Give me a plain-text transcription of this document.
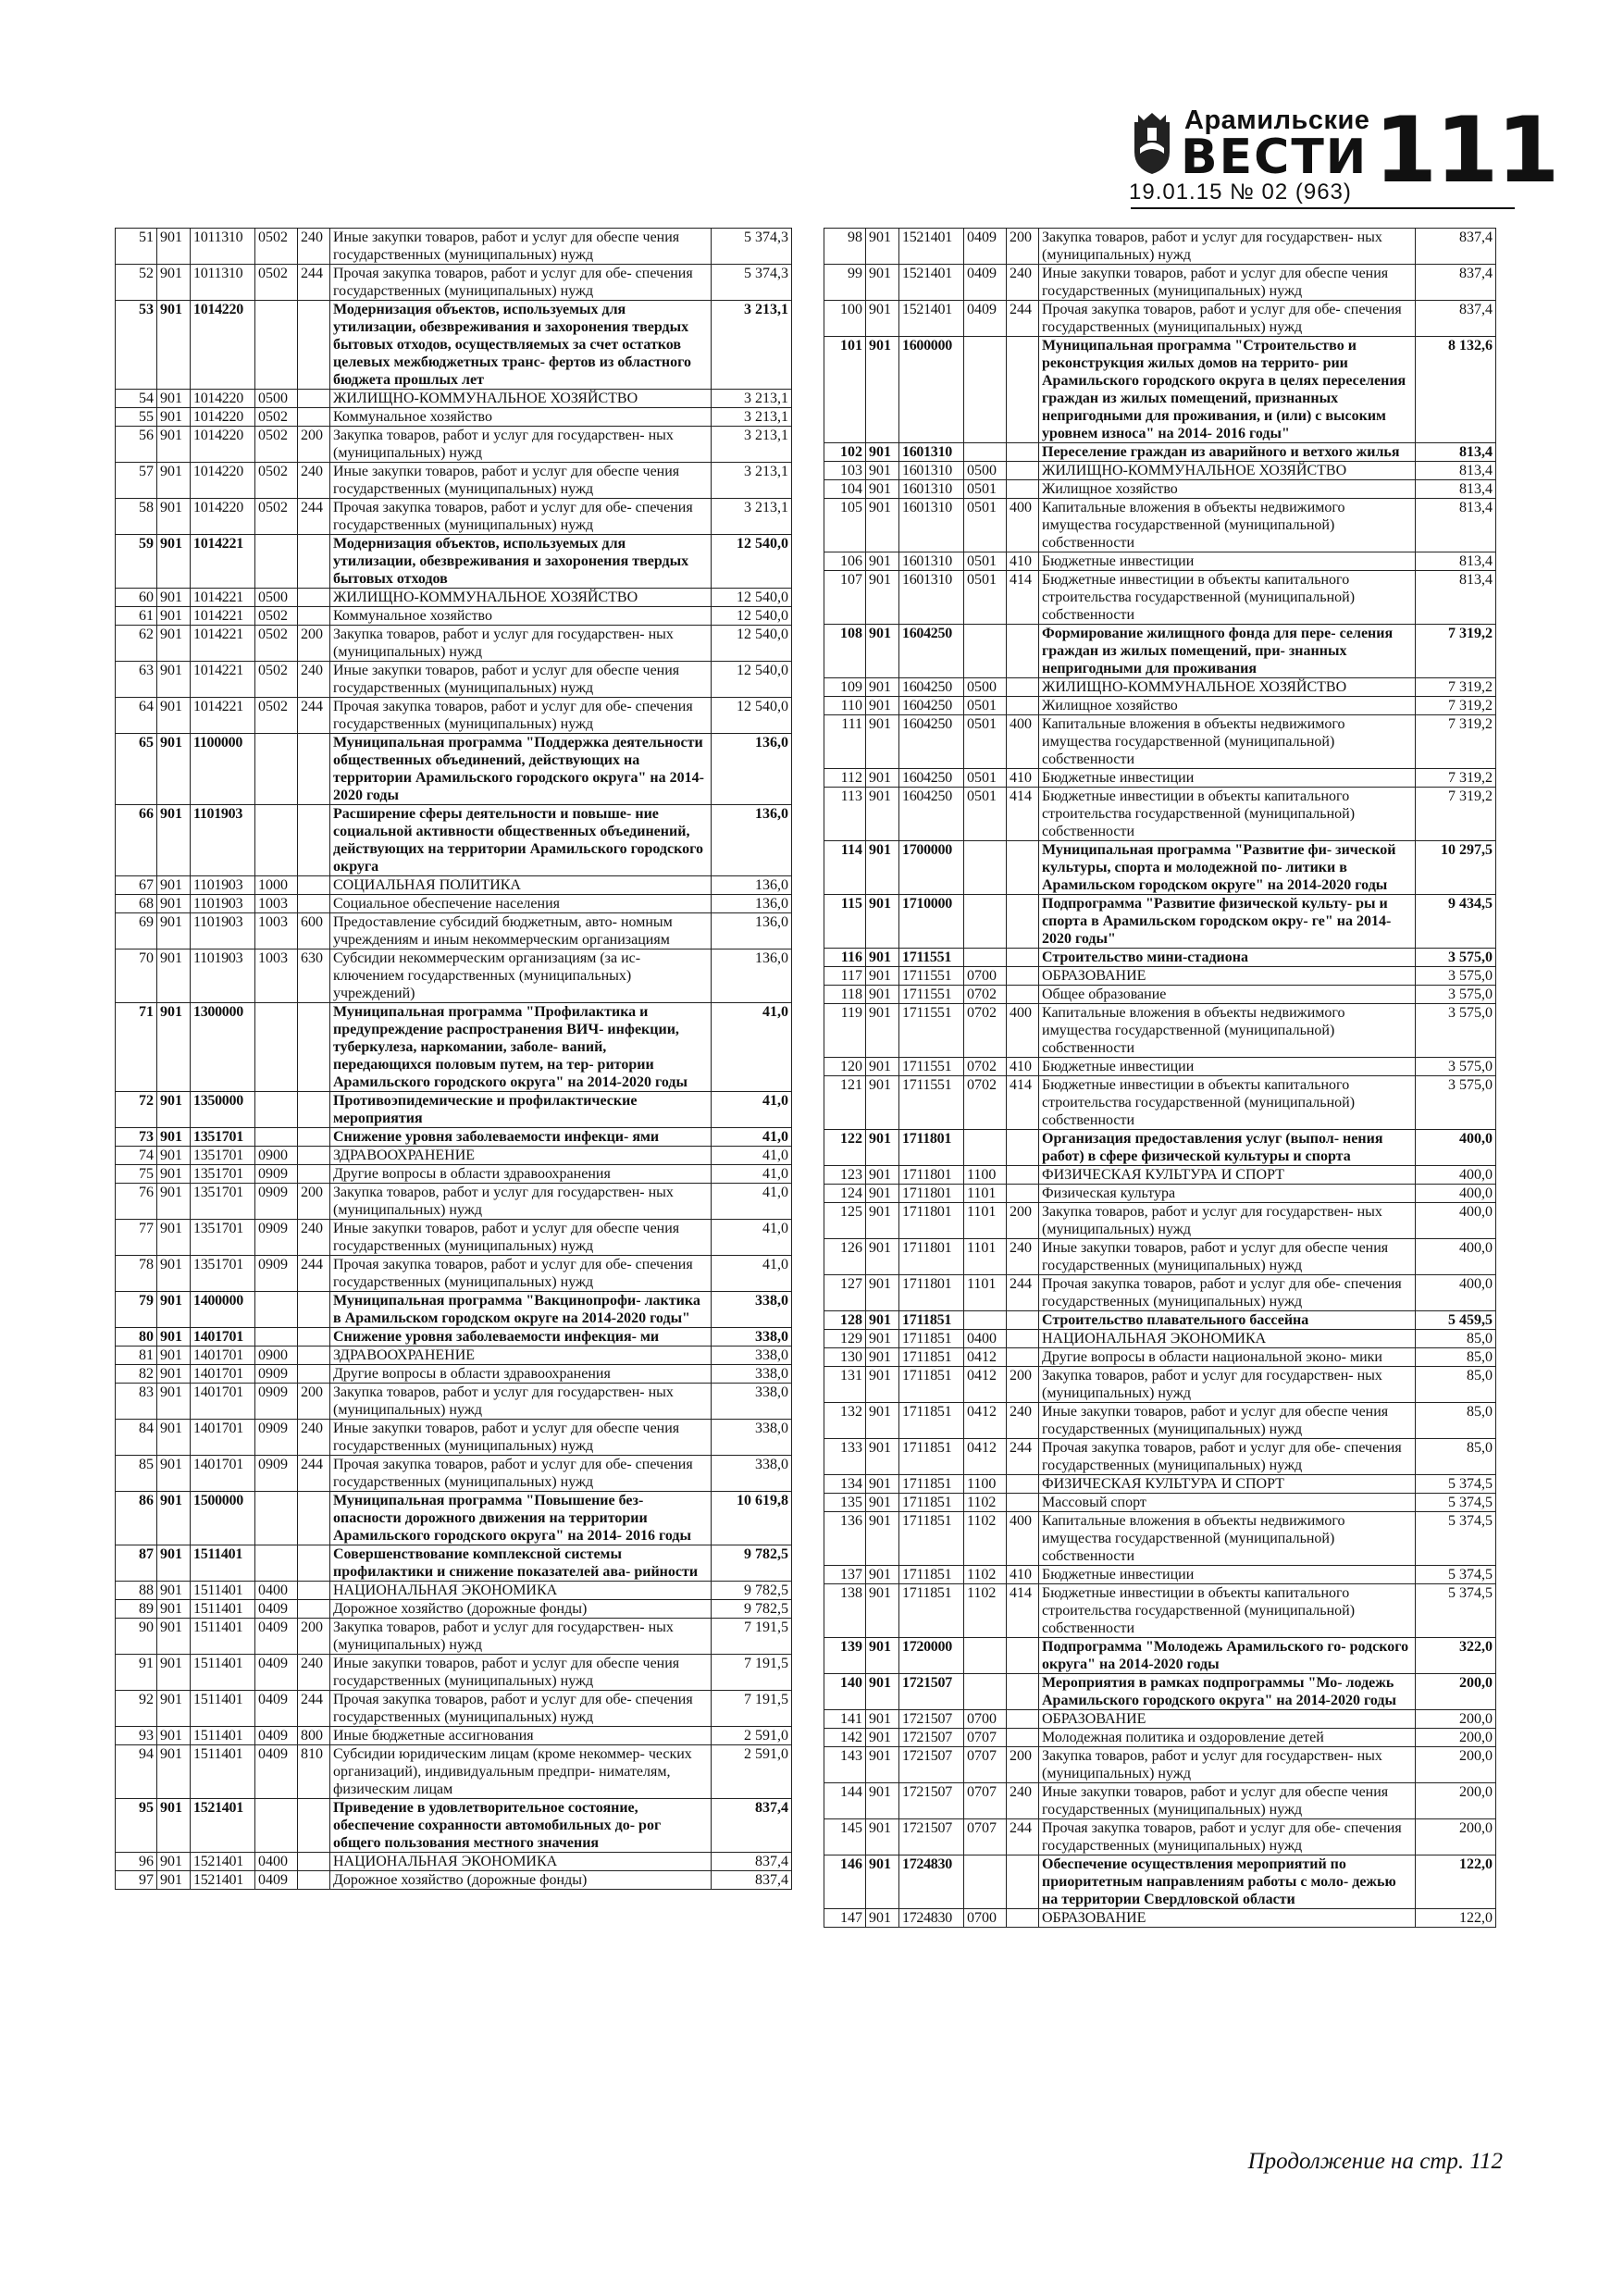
Арамильские
ВЕСТИ 111
19.01.15 № 02 (963)
51	901	1011310	0502	240	Иные закупки товаров, работ и услуг для обеспе чения государственных (муниципальных) нужд	5 374,3
52	901	1011310	0502	244	Прочая закупка товаров, работ и услуг для обе- спечения государственных (муниципальных) нужд	5 374,3
53	901	1014220			Модернизация объектов, используемых для утилизации, обезвреживания и захоронения твердых бытовых отходов, осуществляемых за счет остатков целевых межбюджетных транс- фертов из областного бюджета прошлых лет	3 213,1
54	901	1014220	0500		ЖИЛИЩНО-КОММУНАЛЬНОЕ ХОЗЯЙСТВО	3 213,1
55	901	1014220	0502		Коммунальное хозяйство	3 213,1
56	901	1014220	0502	200	Закупка товаров, работ и услуг для государствен- ных (муниципальных) нужд	3 213,1
57	901	1014220	0502	240	Иные закупки товаров, работ и услуг для обеспе чения государственных (муниципальных) нужд	3 213,1
58	901	1014220	0502	244	Прочая закупка товаров, работ и услуг для обе- спечения государственных (муниципальных) нужд	3 213,1
59	901	1014221			Модернизация объектов, используемых для утилизации, обезвреживания и захоронения твердых бытовых отходов	12 540,0
60	901	1014221	0500		ЖИЛИЩНО-КОММУНАЛЬНОЕ ХОЗЯЙСТВО	12 540,0
61	901	1014221	0502		Коммунальное хозяйство	12 540,0
62	901	1014221	0502	200	Закупка товаров, работ и услуг для государствен- ных (муниципальных) нужд	12 540,0
63	901	1014221	0502	240	Иные закупки товаров, работ и услуг для обеспе чения государственных (муниципальных) нужд	12 540,0
64	901	1014221	0502	244	Прочая закупка товаров, работ и услуг для обе- спечения государственных (муниципальных) нужд	12 540,0
65	901	1100000			Муниципальная программа "Поддержка деятельности общественных объединений, действующих на территории Арамильского городского округа" на 2014-2020 годы	136,0
66	901	1101903			Расширение сферы деятельности и повыше- ние социальной активности общественных объединений, действующих на территории Арамильского городского округа	136,0
67	901	1101903	1000		СОЦИАЛЬНАЯ ПОЛИТИКА	136,0
68	901	1101903	1003		Социальное обеспечение населения	136,0
69	901	1101903	1003	600	Предоставление субсидий бюджетным, авто- номным учреждениям и иным некоммерческим организациям	136,0
70	901	1101903	1003	630	Субсидии некоммерческим организациям (за ис- ключением государственных (муниципальных) учреждений)	136,0
71	901	1300000			Муниципальная программа "Профилактика и предупреждение распространения ВИЧ- инфекции, туберкулеза, наркомании, заболе- ваний, передающихся половым путем, на тер- ритории Арамильского городского округа" на 2014-2020 годы	41,0
72	901	1350000			Противоэпидемические и профилактические мероприятия	41,0
73	901	1351701			Снижение уровня заболеваемости инфекци- ями	41,0
74	901	1351701	0900		ЗДРАВООХРАНЕНИЕ	41,0
75	901	1351701	0909		Другие вопросы в области здравоохранения	41,0
76	901	1351701	0909	200	Закупка товаров, работ и услуг для государствен- ных (муниципальных) нужд	41,0
77	901	1351701	0909	240	Иные закупки товаров, работ и услуг для обеспе чения государственных (муниципальных) нужд	41,0
78	901	1351701	0909	244	Прочая закупка товаров, работ и услуг для обе- спечения государственных (муниципальных) нужд	41,0
79	901	1400000			Муниципальная программа "Вакцинопрофи- лактика в Арамильском городском округе на 2014-2020 годы"	338,0
80	901	1401701			Снижение уровня заболеваемости инфекция- ми	338,0
81	901	1401701	0900		ЗДРАВООХРАНЕНИЕ	338,0
82	901	1401701	0909		Другие вопросы в области здравоохранения	338,0
83	901	1401701	0909	200	Закупка товаров, работ и услуг для государствен- ных (муниципальных) нужд	338,0
84	901	1401701	0909	240	Иные закупки товаров, работ и услуг для обеспе чения государственных (муниципальных) нужд	338,0
85	901	1401701	0909	244	Прочая закупка товаров, работ и услуг для обе- спечения государственных (муниципальных) нужд	338,0
86	901	1500000			Муниципальная программа "Повышение без- опасности дорожного движения на территории Арамильского городского округа" на 2014- 2016 годы	10 619,8
87	901	1511401			Совершенствование комплексной системы профилактики и снижение показателей ава- рийности	9 782,5
88	901	1511401	0400		НАЦИОНАЛЬНАЯ ЭКОНОМИКА	9 782,5
89	901	1511401	0409		Дорожное хозяйство (дорожные фонды)	9 782,5
90	901	1511401	0409	200	Закупка товаров, работ и услуг для государствен- ных (муниципальных) нужд	7 191,5
91	901	1511401	0409	240	Иные закупки товаров, работ и услуг для обеспе чения государственных (муниципальных) нужд	7 191,5
92	901	1511401	0409	244	Прочая закупка товаров, работ и услуг для обе- спечения государственных (муниципальных) нужд	7 191,5
93	901	1511401	0409	800	Иные бюджетные ассигнования	2 591,0
94	901	1511401	0409	810	Субсидии юридическим лицам (кроме некоммер- ческих организаций), индивидуальным предпри- нимателям, физическим лицам	2 591,0
95	901	1521401			Приведение в удовлетворительное состояние, обеспечение сохранности автомобильных до- рог общего пользования местного значения	837,4
96	901	1521401	0400		НАЦИОНАЛЬНАЯ ЭКОНОМИКА	837,4
97	901	1521401	0409		Дорожное хозяйство (дорожные фонды)	837,4
98	901	1521401	0409	200	Закупка товаров, работ и услуг для государствен- ных (муниципальных) нужд	837,4
99	901	1521401	0409	240	Иные закупки товаров, работ и услуг для обеспе чения государственных (муниципальных) нужд	837,4
100	901	1521401	0409	244	Прочая закупка товаров, работ и услуг для обе- спечения государственных (муниципальных) нужд	837,4
101	901	1600000			Муниципальная программа "Строительство и реконструкция жилых домов на террито- рии Арамильского городского округа в целях переселения граждан из жилых помещений, признанных непригодными для проживания, и (или) с высоким уровнем износа" на 2014- 2016 годы"	8 132,6
102	901	1601310			Переселение граждан из аварийного и ветхого жилья	813,4
103	901	1601310	0500		ЖИЛИЩНО-КОММУНАЛЬНОЕ ХОЗЯЙСТВО	813,4
104	901	1601310	0501		Жилищное хозяйство	813,4
105	901	1601310	0501	400	Капитальные вложения в объекты недвижимого имущества государственной (муниципальной) собственности	813,4
106	901	1601310	0501	410	Бюджетные инвестиции	813,4
107	901	1601310	0501	414	Бюджетные инвестиции в объекты капитального строительства государственной (муниципальной) собственности	813,4
108	901	1604250			Формирование жилищного фонда для пере- селения граждан из жилых помещений, при- знанных непригодными для проживания	7 319,2
109	901	1604250	0500		ЖИЛИЩНО-КОММУНАЛЬНОЕ ХОЗЯЙСТВО	7 319,2
110	901	1604250	0501		Жилищное хозяйство	7 319,2
111	901	1604250	0501	400	Капитальные вложения в объекты недвижимого имущества государственной (муниципальной) собственности	7 319,2
112	901	1604250	0501	410	Бюджетные инвестиции	7 319,2
113	901	1604250	0501	414	Бюджетные инвестиции в объекты капитального строительства государственной (муниципальной) собственности	7 319,2
114	901	1700000			Муниципальная программа "Развитие фи- зической культуры, спорта и молодежной по- литики в Арамильском городском округе" на 2014-2020 годы	10 297,5
115	901	1710000			Подпрограмма "Развитие физической культу- ры и спорта в Арамильском городском окру- ге" на 2014-2020 годы"	9 434,5
116	901	1711551			Строительство мини-стадиона	3 575,0
117	901	1711551	0700		ОБРАЗОВАНИЕ	3 575,0
118	901	1711551	0702		Общее образование	3 575,0
119	901	1711551	0702	400	Капитальные вложения в объекты недвижимого имущества государственной (муниципальной) собственности	3 575,0
120	901	1711551	0702	410	Бюджетные инвестиции	3 575,0
121	901	1711551	0702	414	Бюджетные инвестиции в объекты капитального строительства государственной (муниципальной) собственности	3 575,0
122	901	1711801			Организация предоставления услуг (выпол- нения работ) в сфере физической культуры и спорта	400,0
123	901	1711801	1100		ФИЗИЧЕСКАЯ КУЛЬТУРА И СПОРТ	400,0
124	901	1711801	1101		Физическая культура	400,0
125	901	1711801	1101	200	Закупка товаров, работ и услуг для государствен- ных (муниципальных) нужд	400,0
126	901	1711801	1101	240	Иные закупки товаров, работ и услуг для обеспе чения государственных (муниципальных) нужд	400,0
127	901	1711801	1101	244	Прочая закупка товаров, работ и услуг для обе- спечения государственных (муниципальных) нужд	400,0
128	901	1711851			Строительство плавательного бассейна	5 459,5
129	901	1711851	0400		НАЦИОНАЛЬНАЯ ЭКОНОМИКА	85,0
130	901	1711851	0412		Другие вопросы в области национальной эконо- мики	85,0
131	901	1711851	0412	200	Закупка товаров, работ и услуг для государствен- ных (муниципальных) нужд	85,0
132	901	1711851	0412	240	Иные закупки товаров, работ и услуг для обеспе чения государственных (муниципальных) нужд	85,0
133	901	1711851	0412	244	Прочая закупка товаров, работ и услуг для обе- спечения государственных (муниципальных) нужд	85,0
134	901	1711851	1100		ФИЗИЧЕСКАЯ КУЛЬТУРА И СПОРТ	5 374,5
135	901	1711851	1102		Массовый спорт	5 374,5
136	901	1711851	1102	400	Капитальные вложения в объекты недвижимого имущества государственной (муниципальной) собственности	5 374,5
137	901	1711851	1102	410	Бюджетные инвестиции	5 374,5
138	901	1711851	1102	414	Бюджетные инвестиции в объекты капитального строительства государственной (муниципальной) собственности	5 374,5
139	901	1720000			Подпрограмма "Молодежь Арамильского го- родского округа" на 2014-2020 годы	322,0
140	901	1721507			Мероприятия в рамках подпрограммы "Мо- лодежь Арамильского городского округа" на 2014-2020 годы	200,0
141	901	1721507	0700		ОБРАЗОВАНИЕ	200,0
142	901	1721507	0707		Молодежная политика и оздоровление детей	200,0
143	901	1721507	0707	200	Закупка товаров, работ и услуг для государствен- ных (муниципальных) нужд	200,0
144	901	1721507	0707	240	Иные закупки товаров, работ и услуг для обеспе чения государственных (муниципальных) нужд	200,0
145	901	1721507	0707	244	Прочая закупка товаров, работ и услуг для обе- спечения государственных (муниципальных) нужд	200,0
146	901	1724830			Обеспечение осуществления мероприятий по приоритетным направлениям работы с моло- дежью на территории Свердловской области	122,0
147	901	1724830	0700		ОБРАЗОВАНИЕ	122,0
Продолжение на стр. 112
